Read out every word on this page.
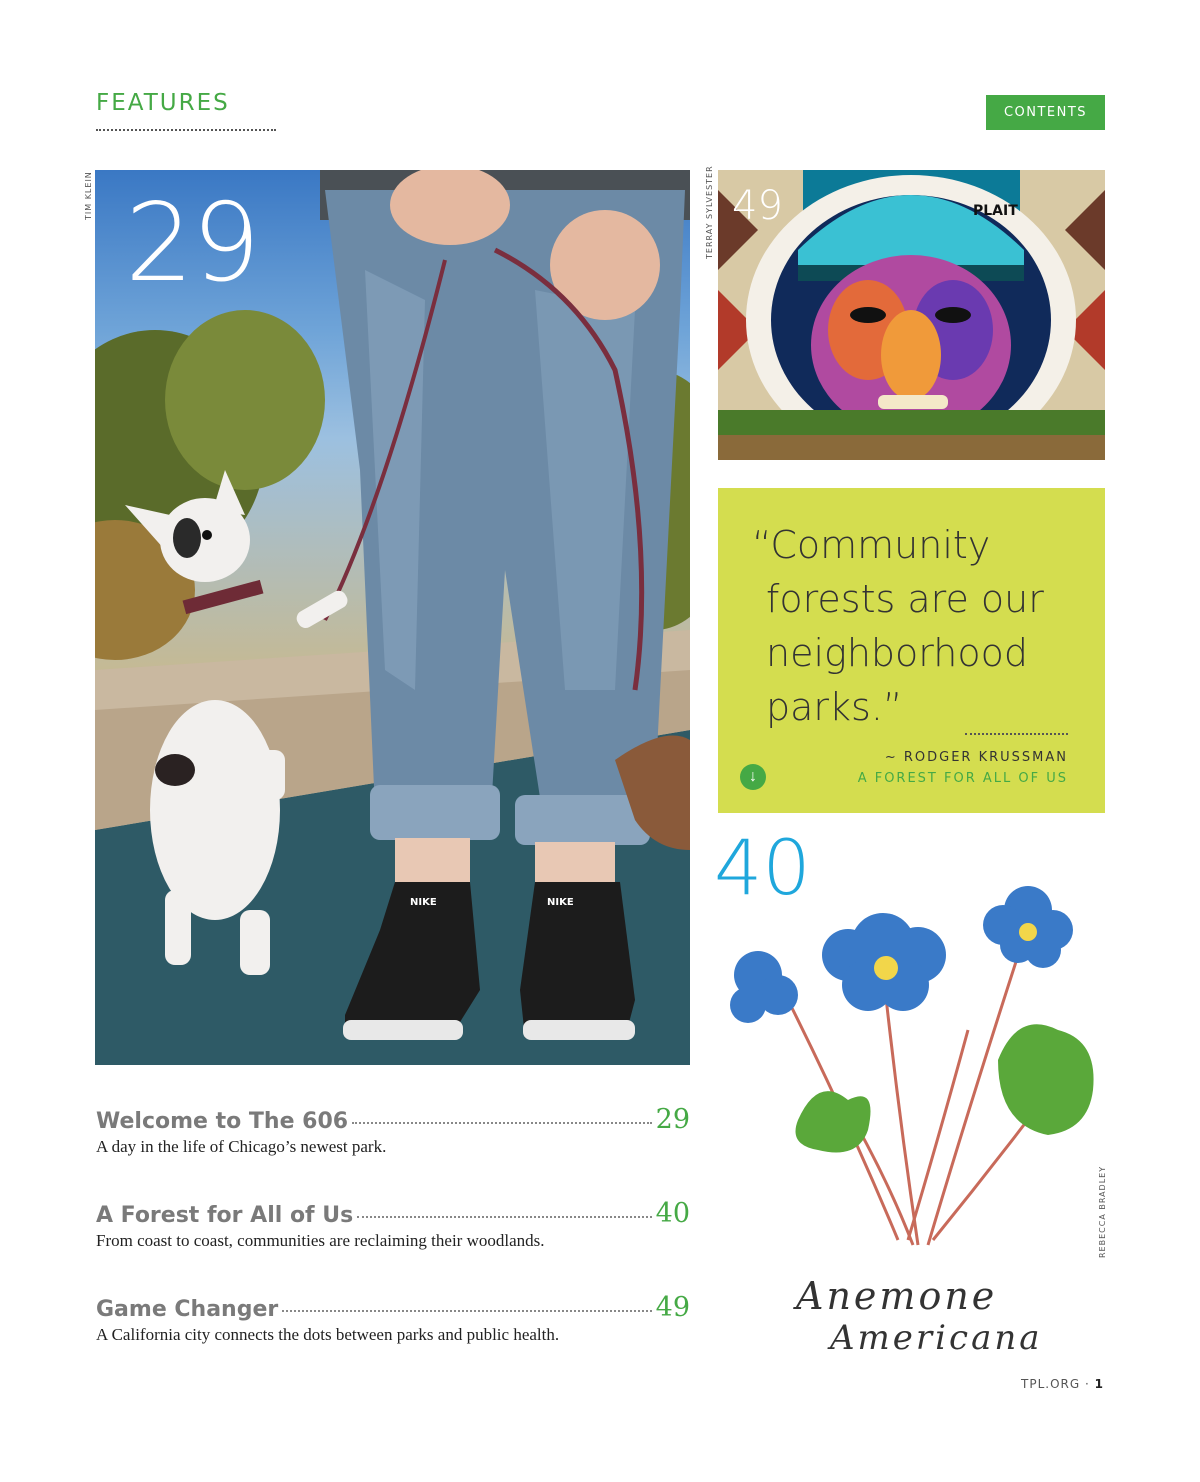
FEATURES	CONTENTS
TIM KLEIN	TERRAY SYLVESTER
REBECCA BRADLEY
NIKE	NIKE
29	PLAIT
49
“Community forests are our neighborhood parks.”
~ RODGER KRUSSMAN
↓	A FOREST FOR ALL OF US
40
Anemone
Americana
Welcome to The 606	29
A day in the life of Chicago’s newest park.
A Forest for All of Us	40
From coast to coast, communities are reclaiming their woodlands.
Game Changer	49
A California city connects the dots between parks and public health.
TPL.ORG · 1
